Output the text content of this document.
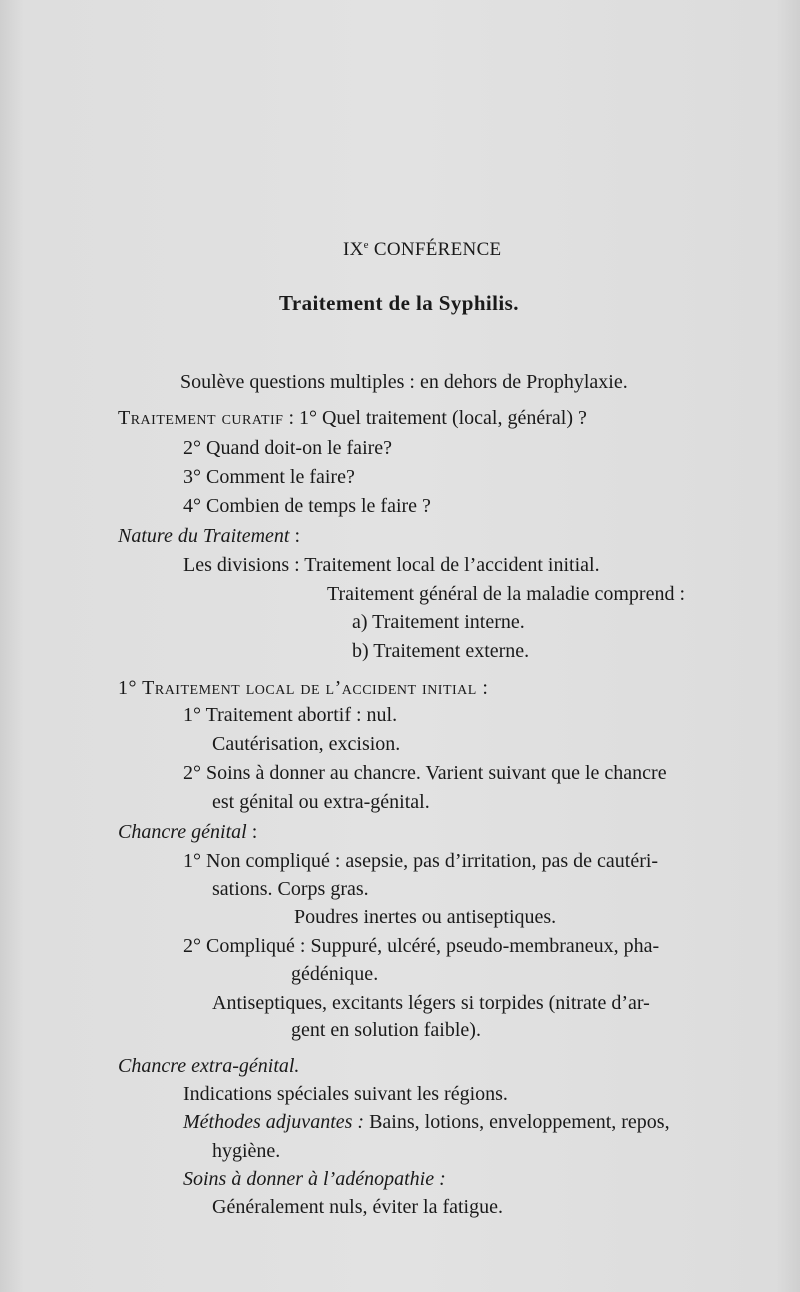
IXe CONFÉRENCE
Traitement de la Syphilis.
Soulève questions multiples : en dehors de Prophylaxie.
Traitement curatif : 1° Quel traitement (local, général) ?
2° Quand doit-on le faire?
3° Comment le faire?
4° Combien de temps le faire ?
Nature du Traitement :
Les divisions : Traitement local de l’accident initial.
Traitement général de la maladie comprend :
a) Traitement interne.
b) Traitement externe.
1° Traitement local de l’accident initial :
1° Traitement abortif : nul.
Cautérisation, excision.
2° Soins à donner au chancre. Varient suivant que le chancre
est génital ou extra-génital.
Chancre génital :
1° Non compliqué : asepsie, pas d’irritation, pas de cautéri-
sations. Corps gras.
Poudres inertes ou antiseptiques.
2° Compliqué : Suppuré, ulcéré, pseudo-membraneux, pha-
gédénique.
Antiseptiques, excitants légers si torpides (nitrate d’ar-
gent en solution faible).
Chancre extra-génital.
Indications spéciales suivant les régions.
Méthodes adjuvantes : Bains, lotions, enveloppement, repos,
hygiène.
Soins à donner à l’adénopathie :
Généralement nuls, éviter la fatigue.
